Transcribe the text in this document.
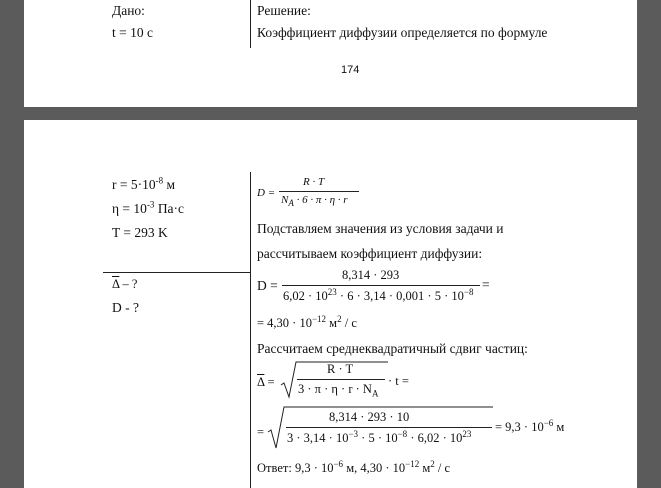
Дано:
t = 10 с
Решение:
Коэффициент диффузии определяется по формуле
174
$r = 5\cdot 10^{-8}$ м
$\eta = 10^{-3}$ Па·с
T = 293 K
$\overline{\Delta}$ – ?
D - ?
D =
R · T
$N_A \cdot 6 \cdot \pi \cdot \eta \cdot r$
Подставляем значения из условия задачи и
рассчитываем коэффициент диффузии:
D =
8,314 · 293
$6,02 \cdot 10^{23} \cdot 6 \cdot 3,14 \cdot 0,001 \cdot 5 \cdot 10^{-8}$ =
= $4,30 \cdot 10^{-12}$ $м^2$ / с
Рассчитаем среднеквадратичный сдвиг частиц:
$\overline{\Delta}$ =
R · T
$3 \cdot \pi \cdot \eta \cdot r \cdot N_A$
· t =
=
8,314 · 293 · 10
$3 \cdot 3,14 \cdot 10^{-3} \cdot 5 \cdot 10^{-8} \cdot 6,02 \cdot 10^{23} = 9,3 \cdot 10^{-6}$ м
Ответ: $9,3 \cdot 10^{-6}$ м, $4,30 \cdot 10^{-12}$ $м^2$ / с
